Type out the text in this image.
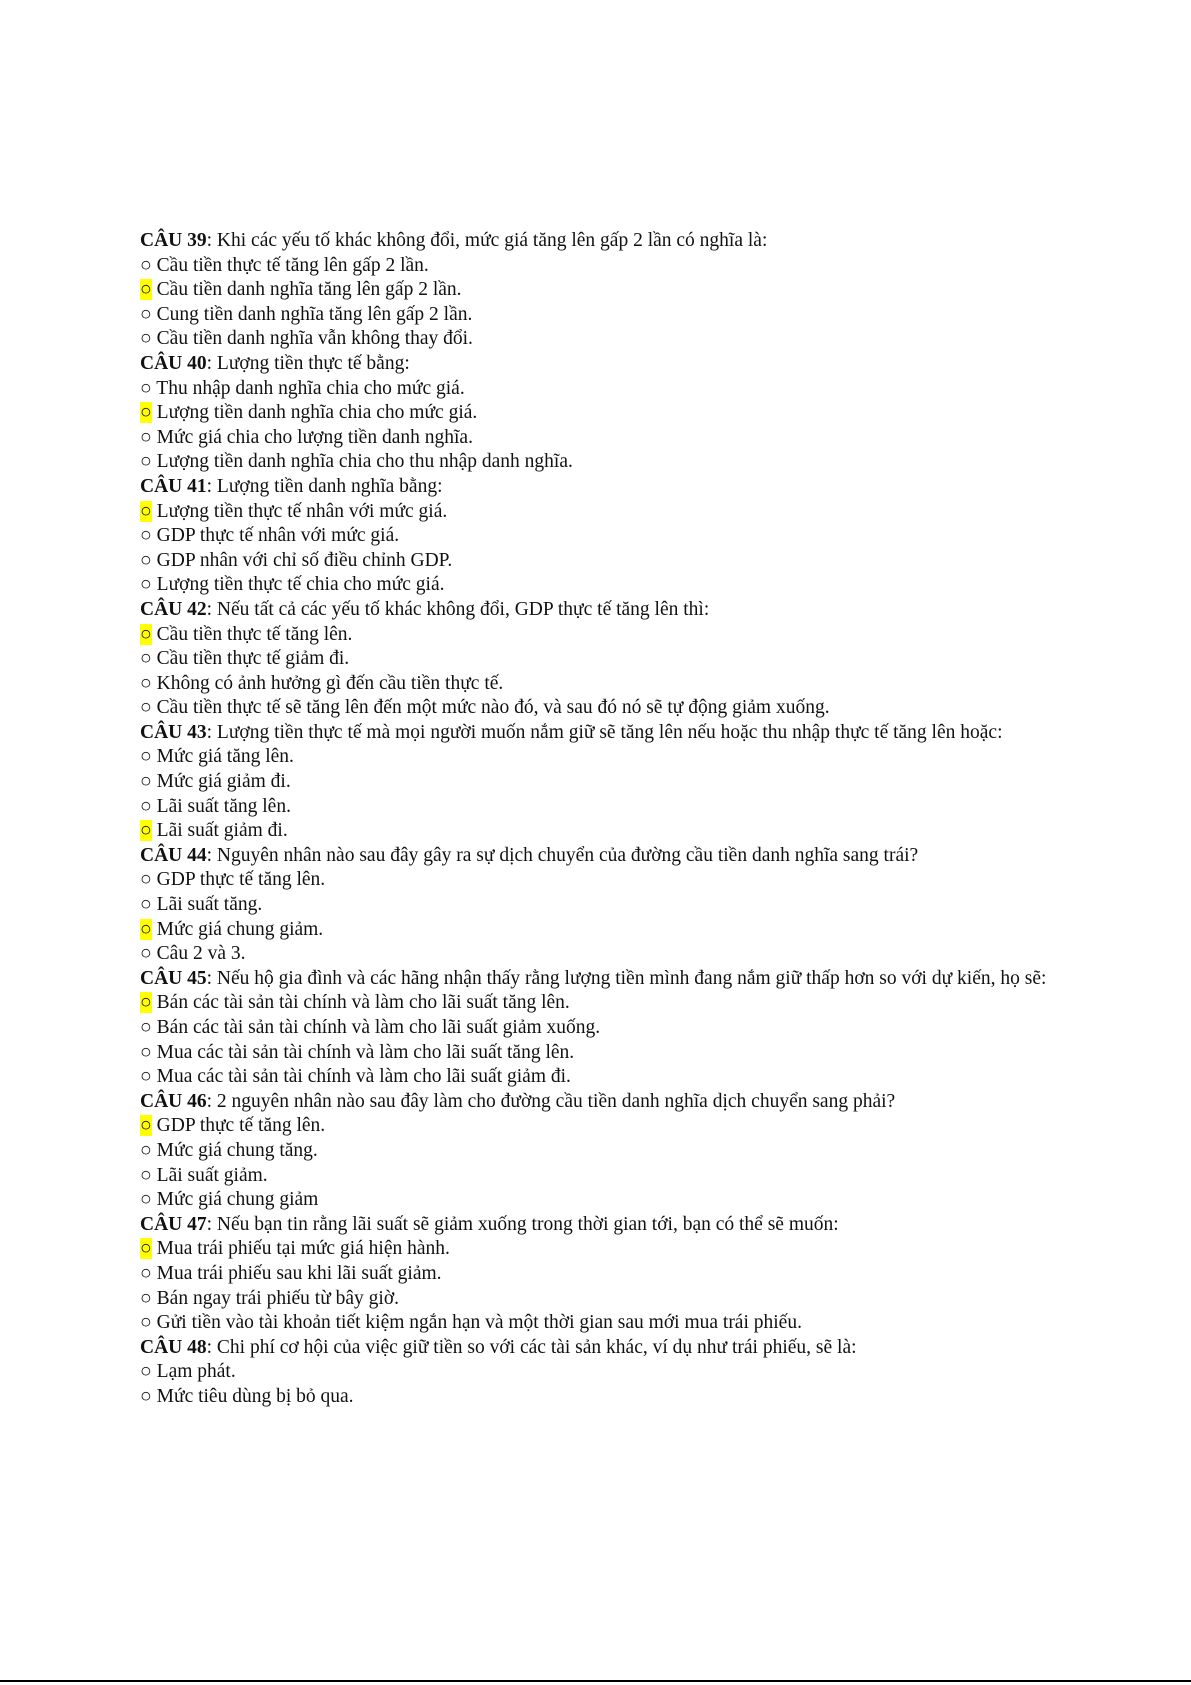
CÂU 39: Khi các yếu tố khác không đổi, mức giá tăng lên gấp 2 lần có nghĩa là:
○ Cầu tiền thực tế tăng lên gấp 2 lần.
○ Cầu tiền danh nghĩa tăng lên gấp 2 lần.
○ Cung tiền danh nghĩa tăng lên gấp 2 lần.
○ Cầu tiền danh nghĩa vẫn không thay đổi.
CÂU 40: Lượng tiền thực tế bằng:
○ Thu nhập danh nghĩa chia cho mức giá.
○ Lượng tiền danh nghĩa chia cho mức giá.
○ Mức giá chia cho lượng tiền danh nghĩa.
○ Lượng tiền danh nghĩa chia cho thu nhập danh nghĩa.
CÂU 41: Lượng tiền danh nghĩa bằng:
○ Lượng tiền thực tế nhân với mức giá.
○ GDP thực tế nhân với mức giá.
○ GDP nhân với chỉ số điều chỉnh GDP.
○ Lượng tiền thực tế chia cho mức giá.
CÂU 42: Nếu tất cả các yếu tố khác không đổi, GDP thực tế tăng lên thì:
○ Cầu tiền thực tế tăng lên.
○ Cầu tiền thực tế giảm đi.
○ Không có ảnh hưởng gì đến cầu tiền thực tế.
○ Cầu tiền thực tế sẽ tăng lên đến một mức nào đó, và sau đó nó sẽ tự động giảm xuống.
CÂU 43: Lượng tiền thực tế mà mọi người muốn nắm giữ sẽ tăng lên nếu hoặc thu nhập thực tế tăng lên hoặc:
○ Mức giá tăng lên.
○ Mức giá giảm đi.
○ Lãi suất tăng lên.
○ Lãi suất giảm đi.
CÂU 44: Nguyên nhân nào sau đây gây ra sự dịch chuyển của đường cầu tiền danh nghĩa sang trái?
○ GDP thực tế tăng lên.
○ Lãi suất tăng.
○ Mức giá chung giảm.
○ Câu 2 và 3.
CÂU 45: Nếu hộ gia đình và các hãng nhận thấy rằng lượng tiền mình đang nắm giữ thấp hơn so với dự kiến, họ sẽ:
○ Bán các tài sản tài chính và làm cho lãi suất tăng lên.
○ Bán các tài sản tài chính và làm cho lãi suất giảm xuống.
○ Mua các tài sản tài chính và làm cho lãi suất tăng lên.
○ Mua các tài sản tài chính và làm cho lãi suất giảm đi.
CÂU 46: 2 nguyên nhân nào sau đây làm cho đường cầu tiền danh nghĩa dịch chuyển sang phải?
○ GDP thực tế tăng lên.
○ Mức giá chung tăng.
○ Lãi suất giảm.
○ Mức giá chung giảm
CÂU 47: Nếu bạn tin rằng lãi suất sẽ giảm xuống trong thời gian tới, bạn có thể sẽ muốn:
○ Mua trái phiếu tại mức giá hiện hành.
○ Mua trái phiếu sau khi lãi suất giảm.
○ Bán ngay trái phiếu từ bây giờ.
○ Gửi tiền vào tài khoản tiết kiệm ngắn hạn và một thời gian sau mới mua trái phiếu.
CÂU 48: Chi phí cơ hội của việc giữ tiền so với các tài sản khác, ví dụ như trái phiếu, sẽ là:
○ Lạm phát.
○ Mức tiêu dùng bị bỏ qua.
